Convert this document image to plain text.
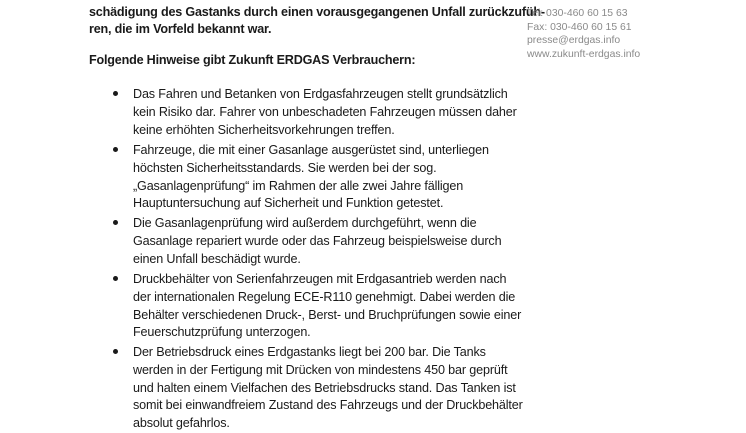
schädigung des Gastanks durch einen vorausgegangenen Unfall zurückzufüh-
ren, die im Vorfeld bekannt war.

Folgende Hinweise gibt Zukunft ERDGAS Verbrauchern:

Tel: 030-460 60 15 63
Fax: 030-460 60 15 61
presse@erdgas.info
www.zukunft-erdgas.info
Das Fahren und Betanken von Erdgasfahrzeugen stellt grundsätzlich
kein Risiko dar. Fahrer von unbeschadeten Fahrzeugen müssen daher
keine erhöhten Sicherheitsvorkehrungen treffen.
Fahrzeuge, die mit einer Gasanlage ausgerüstet sind, unterliegen
höchsten Sicherheitsstandards. Sie werden bei der sog.
„Gasanlagenprüfung“ im Rahmen der alle zwei Jahre fälligen
Hauptuntersuchung auf Sicherheit und Funktion getestet.
Die Gasanlagenprüfung wird außerdem durchgeführt, wenn die
Gasanlage repariert wurde oder das Fahrzeug beispielsweise durch
einen Unfall beschädigt wurde.
Druckbehälter von Serienfahrzeugen mit Erdgasantrieb werden nach
der internationalen Regelung ECE-R110 genehmigt. Dabei werden die
Behälter verschiedenen Druck-, Berst- und Bruchprüfungen sowie einer
Feuerschutzprüfung unterzogen.
Der Betriebsdruck eines Erdgastanks liegt bei 200 bar. Die Tanks
werden in der Fertigung mit Drücken von mindestens 450 bar geprüft
und halten einem Vielfachen des Betriebsdrucks stand. Das Tanken ist
somit bei einwandfreiem Zustand des Fahrzeugs und der Druckbehälter
absolut gefahrlos.
